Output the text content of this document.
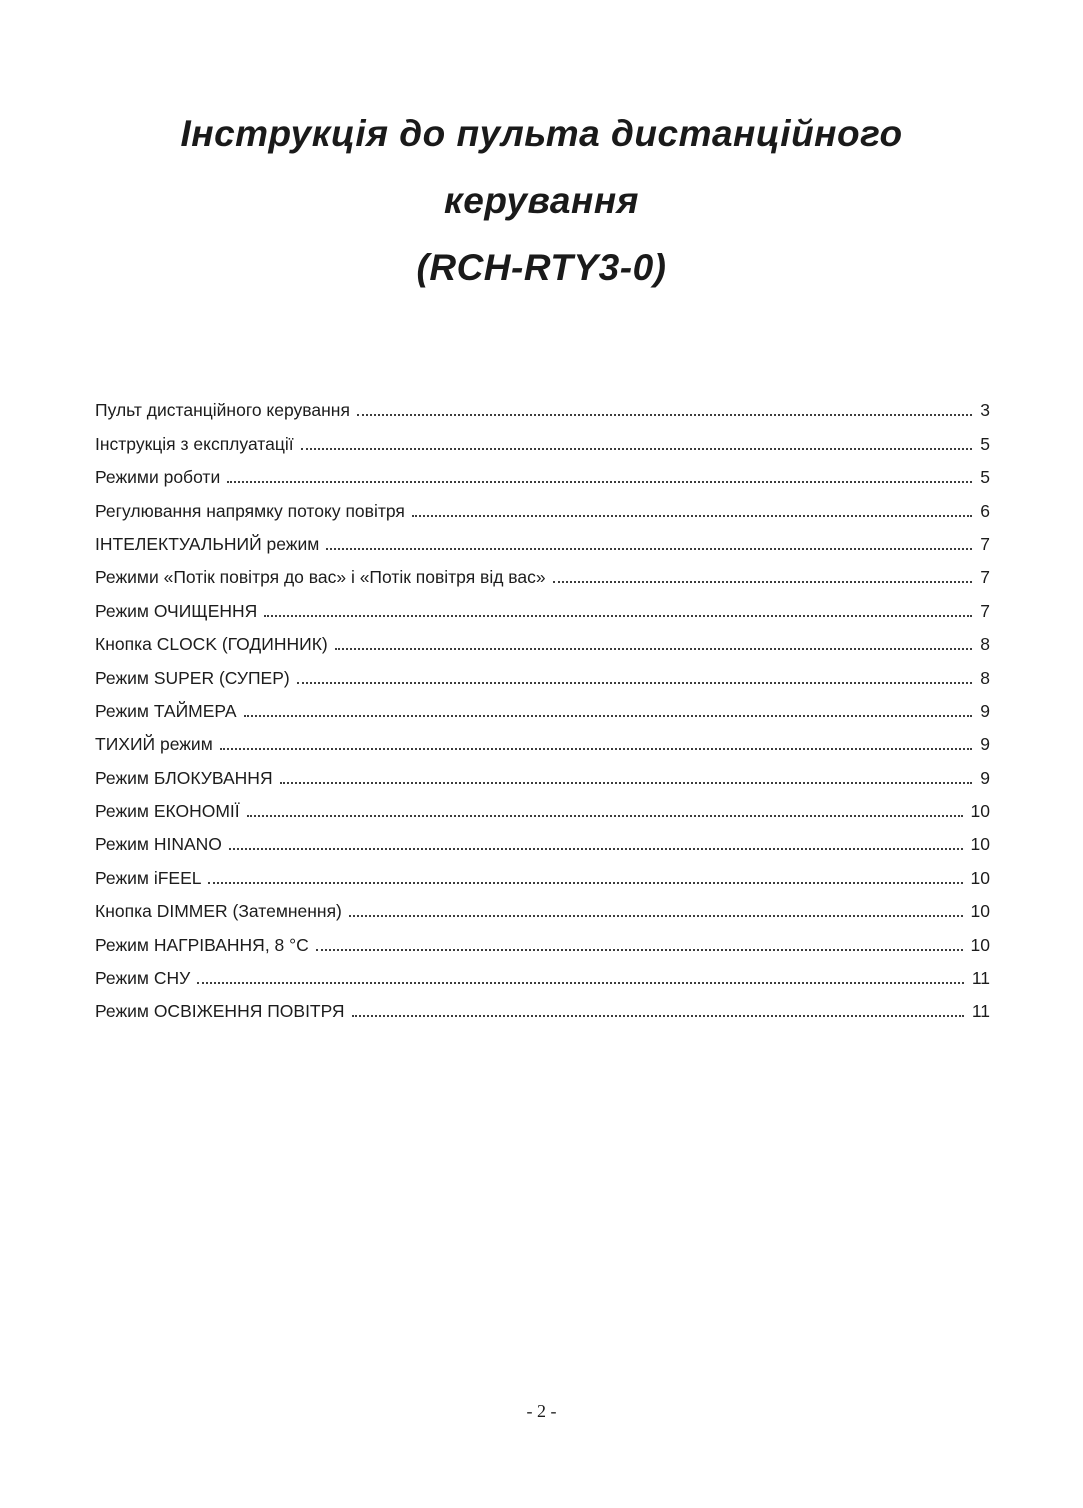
Інструкція до пульта дистанційного
керування
(RCH-RTY3-0)
Пульт дистанційного керування	3
Інструкція з експлуатації	5
Режими роботи	5
Регулювання напрямку потоку повітря	6
ІНТЕЛЕКТУАЛЬНИЙ режим	7
Режими «Потік повітря до вас» і «Потік повітря від вас»	7
Режим ОЧИЩЕННЯ	7
Кнопка CLOCK (ГОДИННИК)	8
Режим SUPER (СУПЕР)	8
Режим ТАЙМЕРА	9
ТИХИЙ режим	9
Режим БЛОКУВАННЯ	9
Режим ЕКОНОМІЇ	10
Режим HINANO	10
Режим iFEEL	10
Кнопка DIMMER (Затемнення)	10
Режим НАГРІВАННЯ, 8 °С	10
Режим СНУ	11
Режим ОСВІЖЕННЯ ПОВІТРЯ	11
- 2 -
